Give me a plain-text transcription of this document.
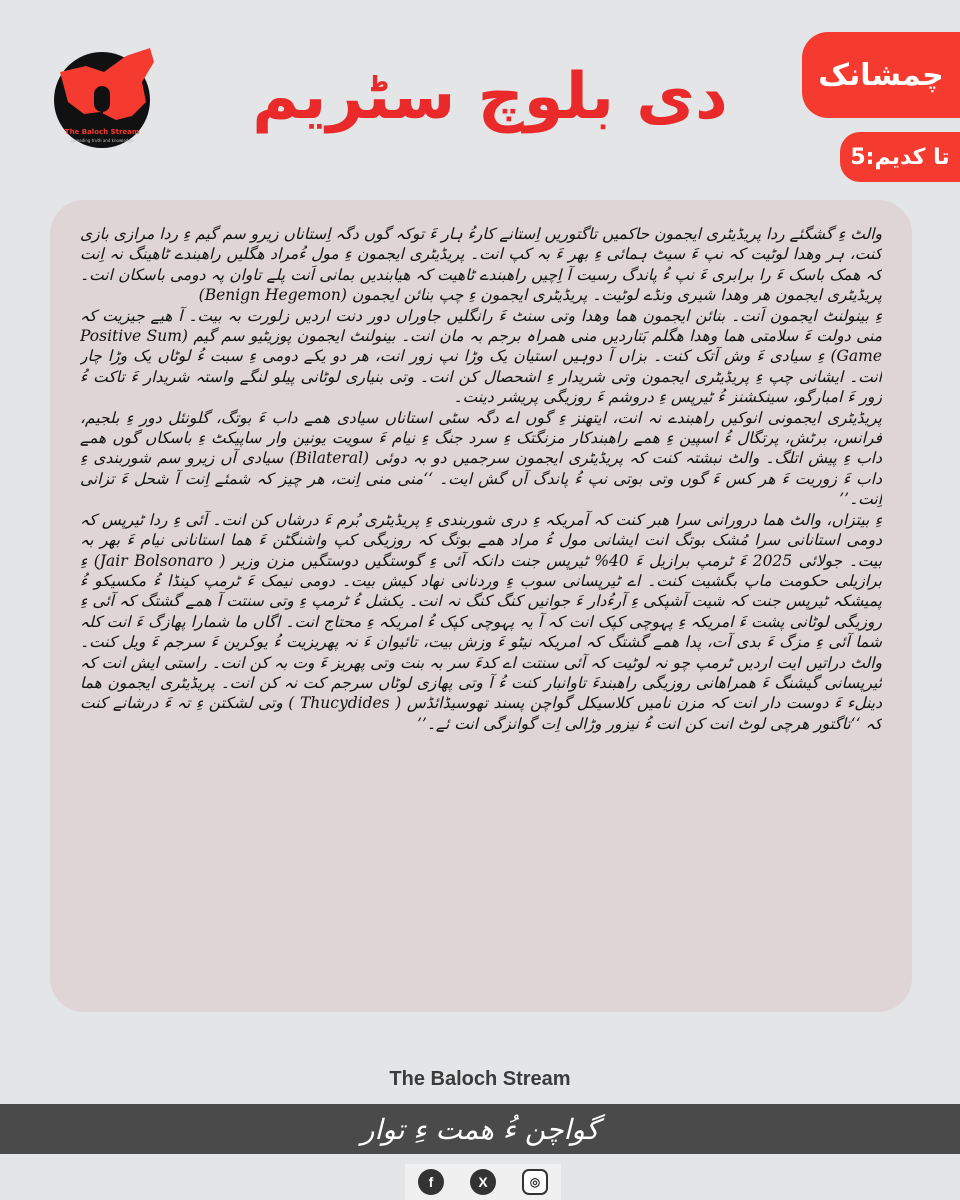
The Baloch Stream
spreading truth and knowledge
دی بلوچ سٹریم	چمشانک
تا کدیم:5

والٹ ءِ گشگئے ردا پریڈیٹری ایجمون حاکمیں تاگتوریں اِستانے کارءُ ہار ءَ توکہ گوں دگہ اِستاناں زیرو سم گیم ءِ ردا مرازی بازی کنت، ہر وھدا لوٹیت کہ نپ ءَ سیٹ ہمائی ءِ بھر ءَ بہ کپ انت۔ پریڈیٹری ایجمون ءِ مول ءُمراد ھگلیں راھبندے ٹاھینگ نہ اِنت کہ ھمک باسک ءَ را برابری ءَ نپ ءُ پاندگ رسیت آ اِچیں راھبندے ٹاھیت کہ ھیابندیں بمانی اَنت پلے تاوان پہ دومی باسکان انت۔ پریڈیٹری ایجمون ھر وھدا شیری ونڈے لوٹیت۔ پریڈیٹری ایجمون ءِ چپ بنائن ایجمون (Benign Hegemon)

ءِ بینولنٹ ایجمون اَنت۔ بنائن ایجمون ھما وھدا وتی سنٹ ءَ رانگلیں جاوراں دور دنت اردیں زلورت بہ بیت۔ آ ھیے جیزیت کہ منی دولت ءَ سلامتی ھما وھدا ھگلم بَتاردیں منی ھمراہ برجم بہ مان انت۔ بینولنٹ ایجمون پوزیٹیو سم گیم (Positive Sum Game) ءِ سیادی ءَ وش آتک کنت۔ بزاں آ دوہیں استیان یک وڑا نپ زور انت، ھر دو یکے دومی ءِ سبت ءُ لوٹاں یک وڑا چار انت۔ ایشانی چپ ءِ پریڈیٹری ایجمون وتی شریدار ءِ اشحصال کن انت۔ وتی بنیاری لوٹانی پیلو لنگے واستہ شریدار ءَ تاکت ءُ زور ءَ امبارگو، سینکشنز ءُ ٹیرپس ءِ دروشم ءَ روزیگی پریشر دینت۔

پریڈیٹری ایجمونی انوکیں راھبندے نہ انت، ایتھنز ءِ گوں اے دگہ سٹی استاناں سیادی ھمے داب ءَ بوتگ، گلونئل دور ءِ بلجیم، فرانس، برٹش، پرتگال ءُ اسپین ءِ ھمے راھبندکار مزنگتک ءِ سرد جنگ ءِ نیام ءَ سویت یونین وار ساپیکٹ ءِ باسکاں گوں ھمے داب ءِ پیش اتلگ۔ والٹ نبشتہ کنت کہ پریڈیٹری ایجمون سرجمیں دو بہ دوئی (Bilateral) سیادی آں زیرو سم شوربندی ءِ داب ءَ زوریت ءَ ھر کس ءَ گوں وتی بوتی نپ ءُ پاندگ آں گش ایت۔ ‘‘منی منی اِنت، ھر چیز کہ شمئے اِنت آ شحل ءَ تزانی اِنت۔’’

ءِ بیتزاں، والٹ ھما درورانی سرا ھبر کنت کہ آمریکہ ءِ دری شوربندی ءِ پریڈیٹری بُرم ءَ درشاں کن انت۔ آئی ءِ ردا ٹیرپس کہ دومی استانانی سرا مُشک بوتگ انت ایشانی مول ءُ مراد ھمے بوتگ کہ روزیگی کپ واشنگٹن ءَ ھما استانانی نیام ءَ بھر بہ بیت۔ جولائی 2025 ءَ ٹرمپ برازیل ءَ 40% ٹیرپس جنت دانکہ آئی ءِ گوستگیں دوستگیں مزن وزیر ( Jair Bolsonaro) ءِ برازیلی حکومت ماپ بگشیت کنت۔ اے ٹیرپسانی سوب ءِ وردنانی نھاد کیش بیت۔ دومی نیمک ءَ ٹرمپ کینڈا ءُ مکسیکو ءُ پمیشکہ ٹیرپس جنت کہ شیت آشپکی ءِ آرءُدار ءَ جوانیں کنگ کنگ نہ انت۔ یکشل ءُ ٹرمپ ءِ وتی سنتت آ ھمے گشتگ کہ آئی ءِ روزیگی لوٹانی پشت ءَ امریکہ ءِ پہوچی کپک انت کہ آ یہ پہوچی کپک ءُ امریکہ ءِ محتاج انت۔ اگاں ما شمارا پھازگ ءَ انت کلہ شما آئی ءِ مزگ ءَ بدی آت، پدا ھمے گشتگ کہ امریکہ نیٹو ءَ وزش بیت، تائیوان ءَ نہ پھریزیت ءُ یوکرین ءَ سرجم ءَ ویل کنت۔ والٹ دراتیں ایت اردیں ٹرمپ چو نہ لوٹیت کہ آئی سنتت اے کدءَ سر بہ بنت وتی پھریز ءَ وت بہ کن انت۔ راستی ایش انت کہ ٹیرپسانی گیشنگ ءَ ھمراھانی روزیگی راھبندءَ تاوانبار کنت ءُ آ وتی پھازی لوٹاں سرجم کت نہ کن انت۔ پریڈیٹری ایجمون ھما دینلء ءَ دوست دار انت کہ مزن نامیں کلاسیکل گواچن پسند تھوسیڈائڈس ( Thucydides ) وتی لشکتن ءِ تہ ءَ درشانے کنت کہ ‘‘تاگتور ھرچی لوٹ انت کن انت ءُ نیزور وڑالی اِت گوانزگی انت ئے۔’’

The Baloch Stream
گواچن ءُ ھمت ءِ توار
f	X	◎
